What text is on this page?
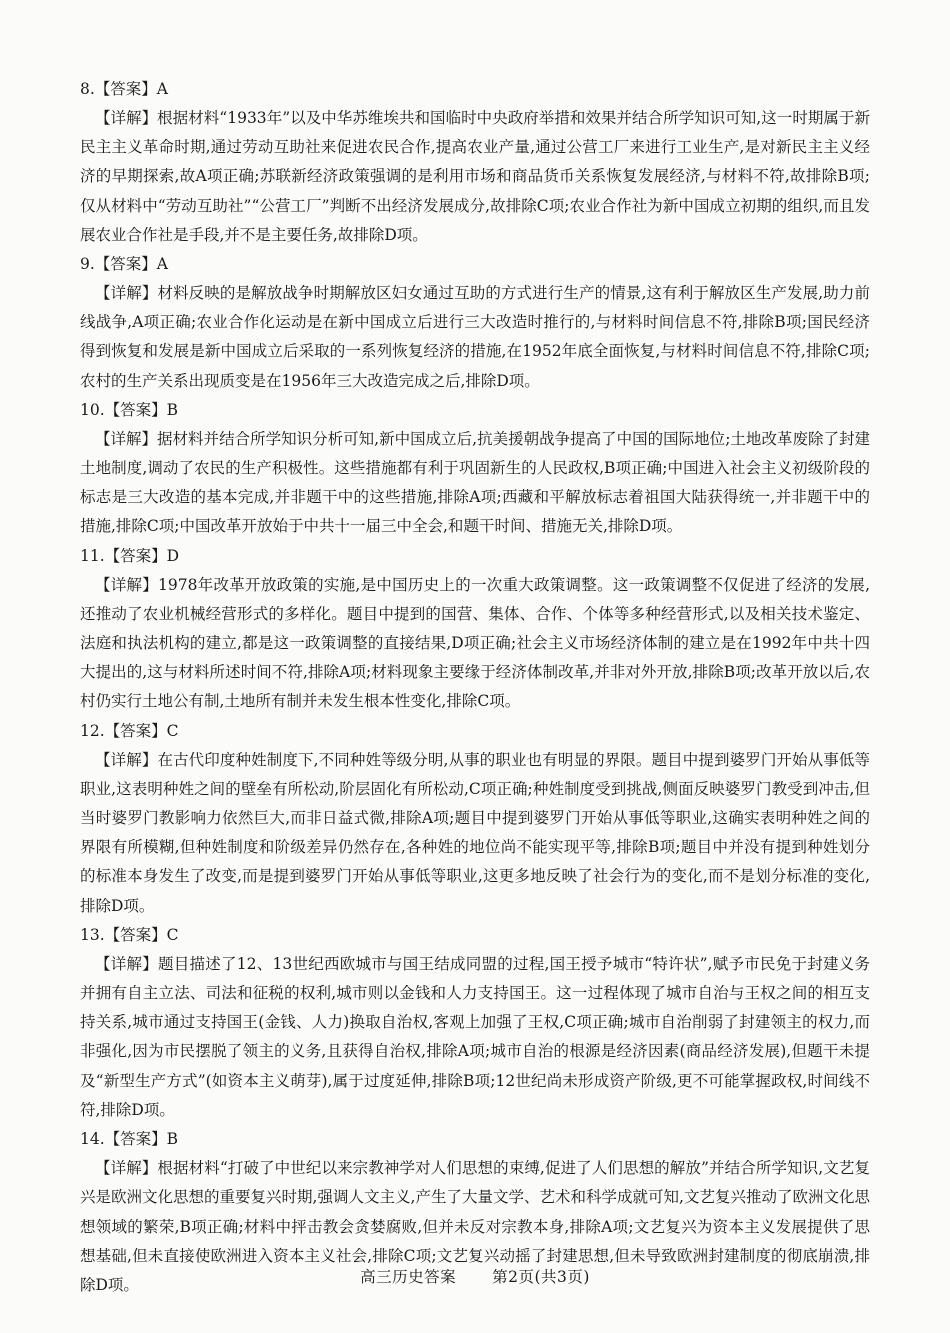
8.【答案】A

【详解】根据材料“1933年”以及中华苏维埃共和国临时中央政府举措和效果并结合所学知识可知,这一时期属于新民主主义革命时期,通过劳动互助社来促进农民合作,提高农业产量,通过公营工厂来进行工业生产,是对新民主主义经济的早期探索,故A项正确;苏联新经济政策强调的是利用市场和商品货币关系恢复发展经济,与材料不符,故排除B项;仅从材料中“劳动互助社”“公营工厂”判断不出经济发展成分,故排除C项;农业合作社为新中国成立初期的组织,而且发展农业合作社是手段,并不是主要任务,故排除D项。

9.【答案】A

【详解】材料反映的是解放战争时期解放区妇女通过互助的方式进行生产的情景,这有利于解放区生产发展,助力前线战争,A项正确;农业合作化运动是在新中国成立后进行三大改造时推行的,与材料时间信息不符,排除B项;国民经济得到恢复和发展是新中国成立后采取的一系列恢复经济的措施,在1952年底全面恢复,与材料时间信息不符,排除C项;农村的生产关系出现质变是在1956年三大改造完成之后,排除D项。

10.【答案】B

【详解】据材料并结合所学知识分析可知,新中国成立后,抗美援朝战争提高了中国的国际地位;土地改革废除了封建土地制度,调动了农民的生产积极性。这些措施都有利于巩固新生的人民政权,B项正确;中国进入社会主义初级阶段的标志是三大改造的基本完成,并非题干中的这些措施,排除A项;西藏和平解放标志着祖国大陆获得统一,并非题干中的措施,排除C项;中国改革开放始于中共十一届三中全会,和题干时间、措施无关,排除D项。

11.【答案】D

【详解】1978年改革开放政策的实施,是中国历史上的一次重大政策调整。这一政策调整不仅促进了经济的发展,还推动了农业机械经营形式的多样化。题目中提到的国营、集体、合作、个体等多种经营形式,以及相关技术鉴定、法庭和执法机构的建立,都是这一政策调整的直接结果,D项正确;社会主义市场经济体制的建立是在1992年中共十四大提出的,这与材料所述时间不符,排除A项;材料现象主要缘于经济体制改革,并非对外开放,排除B项;改革开放以后,农村仍实行土地公有制,土地所有制并未发生根本性变化,排除C项。

12.【答案】C

【详解】在古代印度种姓制度下,不同种姓等级分明,从事的职业也有明显的界限。题目中提到婆罗门开始从事低等职业,这表明种姓之间的壁垒有所松动,阶层固化有所松动,C项正确;种姓制度受到挑战,侧面反映婆罗门教受到冲击,但当时婆罗门教影响力依然巨大,而非日益式微,排除A项;题目中提到婆罗门开始从事低等职业,这确实表明种姓之间的界限有所模糊,但种姓制度和阶级差异仍然存在,各种姓的地位尚不能实现平等,排除B项;题目中并没有提到种姓划分的标准本身发生了改变,而是提到婆罗门开始从事低等职业,这更多地反映了社会行为的变化,而不是划分标准的变化,排除D项。

13.【答案】C

【详解】题目描述了12、13世纪西欧城市与国王结成同盟的过程,国王授予城市“特许状”,赋予市民免于封建义务并拥有自主立法、司法和征税的权利,城市则以金钱和人力支持国王。这一过程体现了城市自治与王权之间的相互支持关系,城市通过支持国王(金钱、人力)换取自治权,客观上加强了王权,C项正确;城市自治削弱了封建领主的权力,而非强化,因为市民摆脱了领主的义务,且获得自治权,排除A项;城市自治的根源是经济因素(商品经济发展),但题干未提及“新型生产方式”(如资本主义萌芽),属于过度延伸,排除B项;12世纪尚未形成资产阶级,更不可能掌握政权,时间线不符,排除D项。

14.【答案】B

【详解】根据材料“打破了中世纪以来宗教神学对人们思想的束缚,促进了人们思想的解放”并结合所学知识,文艺复兴是欧洲文化思想的重要复兴时期,强调人文主义,产生了大量文学、艺术和科学成就可知,文艺复兴推动了欧洲文化思想领域的繁荣,B项正确;材料中抨击教会贪婪腐败,但并未反对宗教本身,排除A项;文艺复兴为资本主义发展提供了思想基础,但未直接使欧洲进入资本主义社会,排除C项;文艺复兴动摇了封建思想,但未导致欧洲封建制度的彻底崩溃,排除D项。	高三历史答案 第2页(共3页)
